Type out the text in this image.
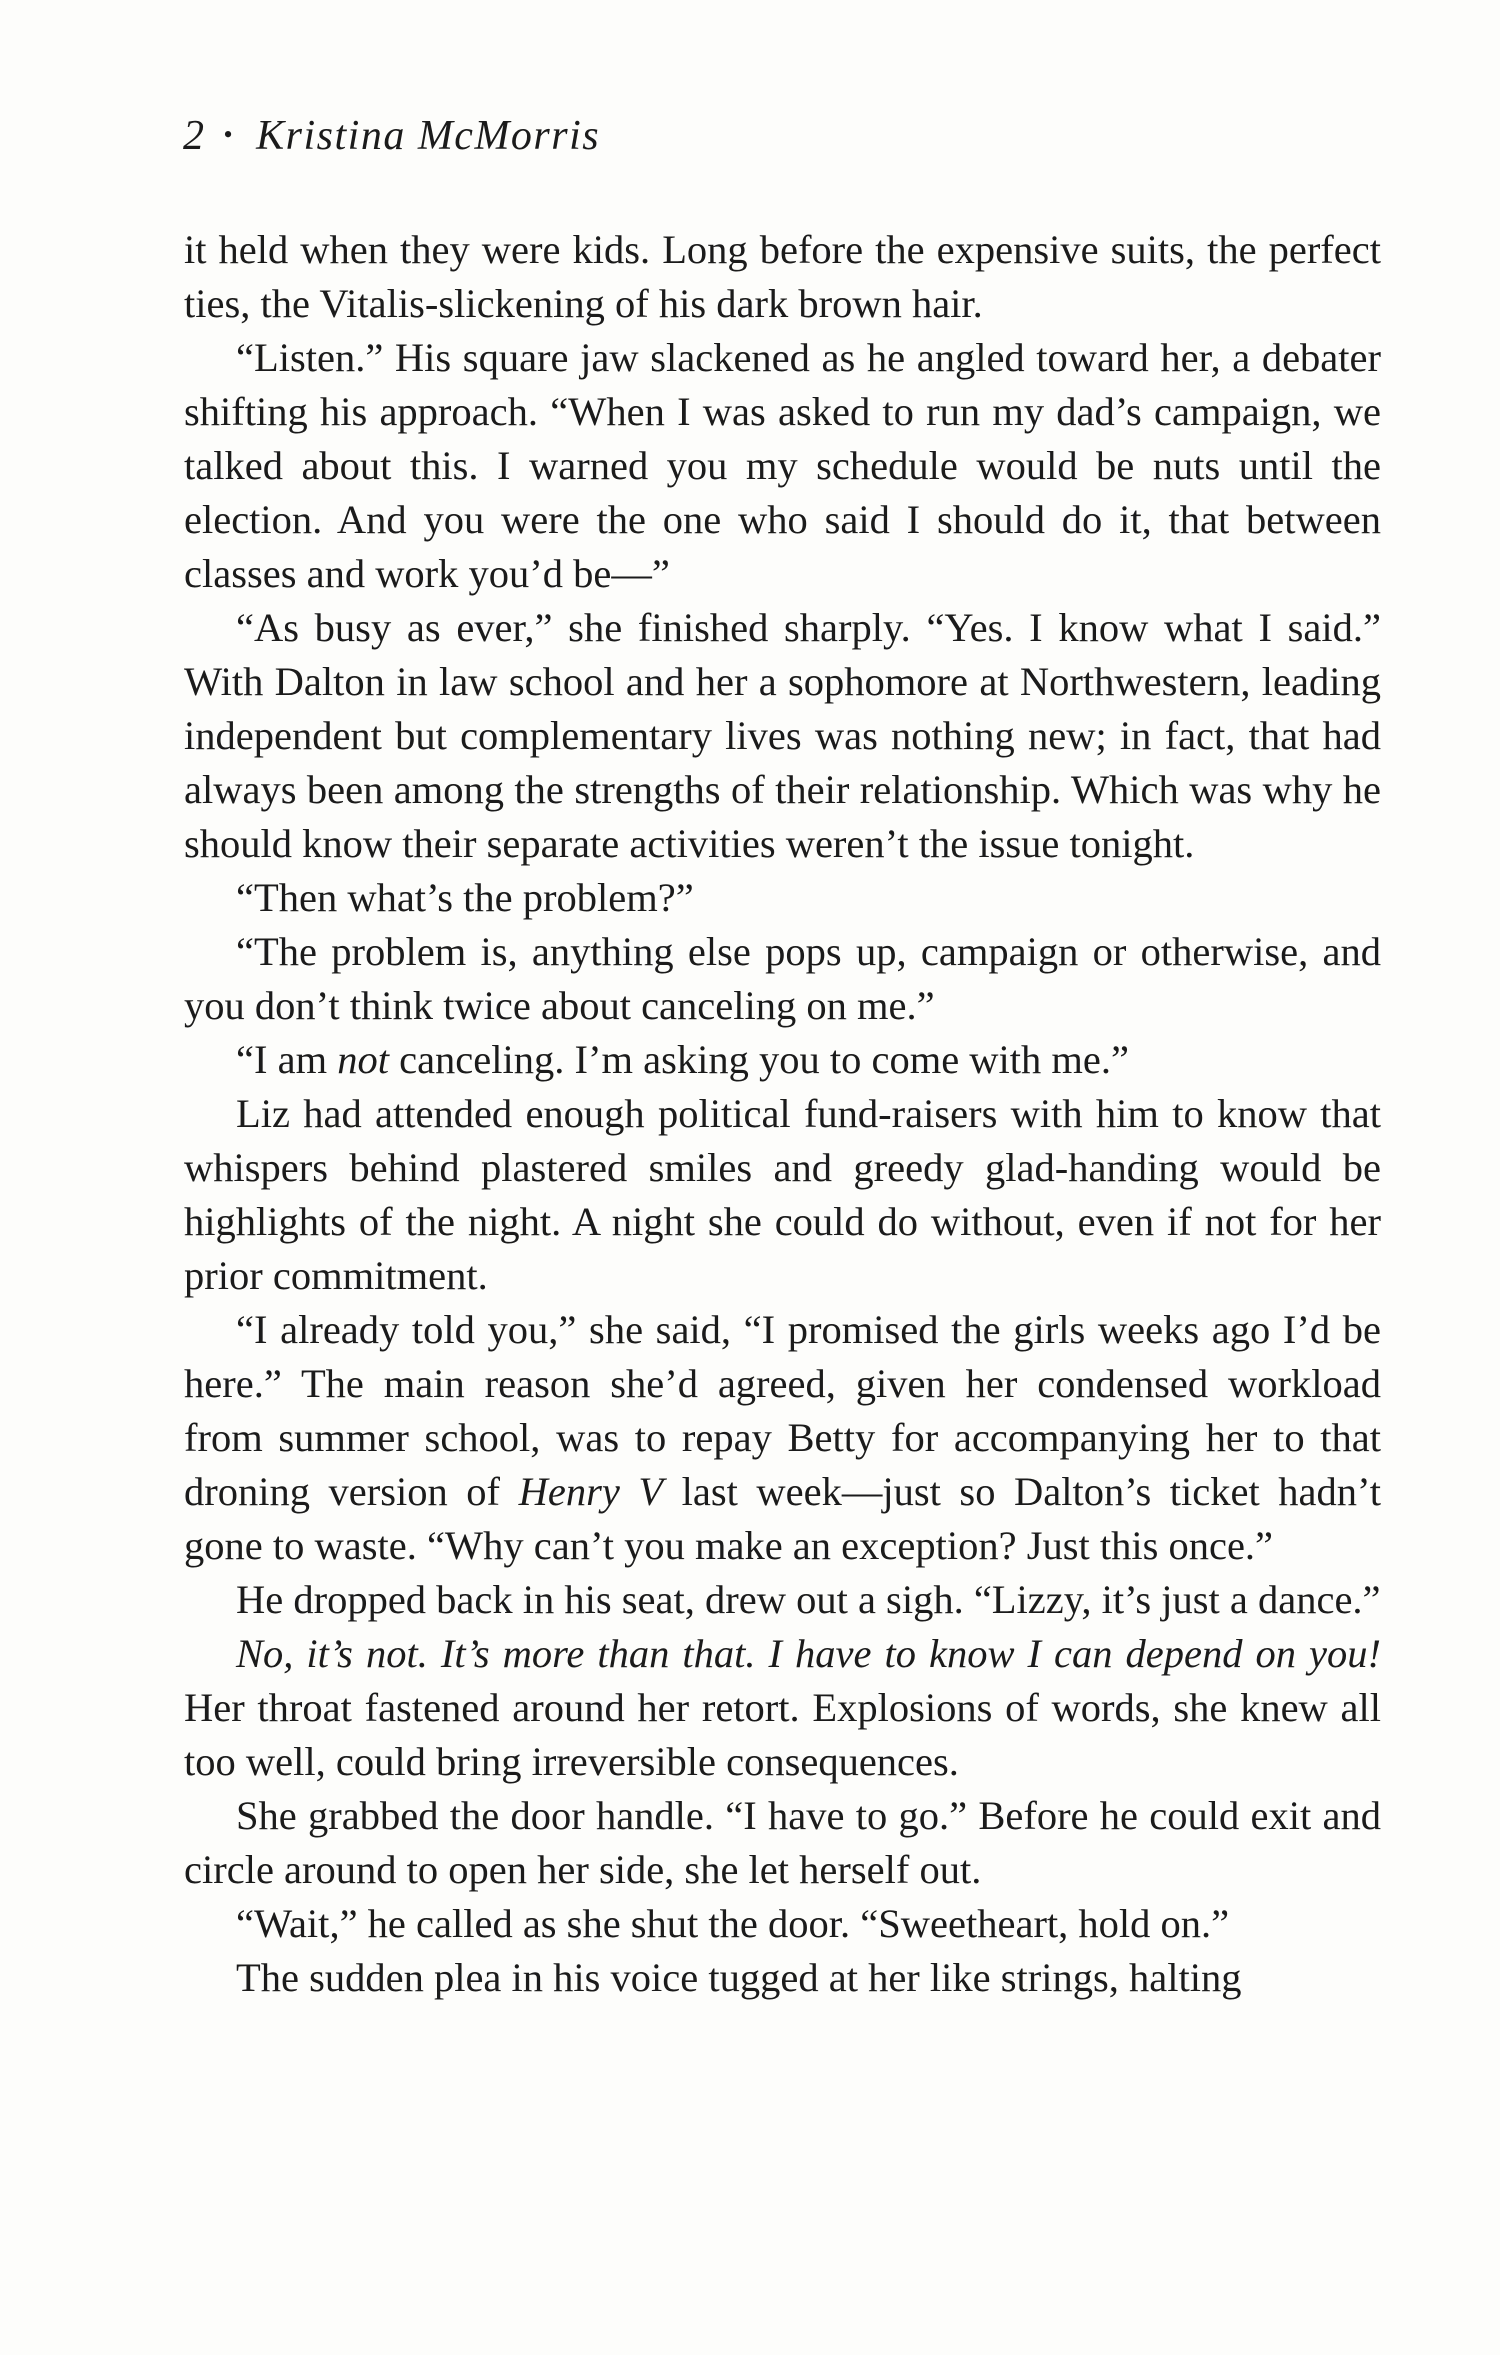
2 • Kristina McMorris

it held when they were kids. Long before the expensive suits, the perfect ties, the Vitalis-slickening of his dark brown hair.

“Listen.” His square jaw slackened as he angled toward her, a debater shifting his approach. “When I was asked to run my dad’s campaign, we talked about this. I warned you my schedule would be nuts until the election. And you were the one who said I should do it, that between classes and work you’d be—”

“As busy as ever,” she finished sharply. “Yes. I know what I said.” With Dalton in law school and her a sophomore at Northwestern, leading independent but complementary lives was nothing new; in fact, that had always been among the strengths of their relationship. Which was why he should know their separate activities weren’t the issue tonight.

“Then what’s the problem?”

“The problem is, anything else pops up, campaign or otherwise, and you don’t think twice about canceling on me.”

“I am not canceling. I’m asking you to come with me.”

Liz had attended enough political fund-raisers with him to know that whispers behind plastered smiles and greedy glad-handing would be highlights of the night. A night she could do without, even if not for her prior commitment.

“I already told you,” she said, “I promised the girls weeks ago I’d be here.” The main reason she’d agreed, given her condensed workload from summer school, was to repay Betty for accompanying her to that droning version of Henry V last week—just so Dalton’s ticket hadn’t gone to waste. “Why can’t you make an exception? Just this once.”

He dropped back in his seat, drew out a sigh. “Lizzy, it’s just a dance.”

No, it’s not. It’s more than that. I have to know I can depend on you! Her throat fastened around her retort. Explosions of words, she knew all too well, could bring irreversible consequences.

She grabbed the door handle. “I have to go.” Before he could exit and circle around to open her side, she let herself out.

“Wait,” he called as she shut the door. “Sweetheart, hold on.”

The sudden plea in his voice tugged at her like strings, halting
